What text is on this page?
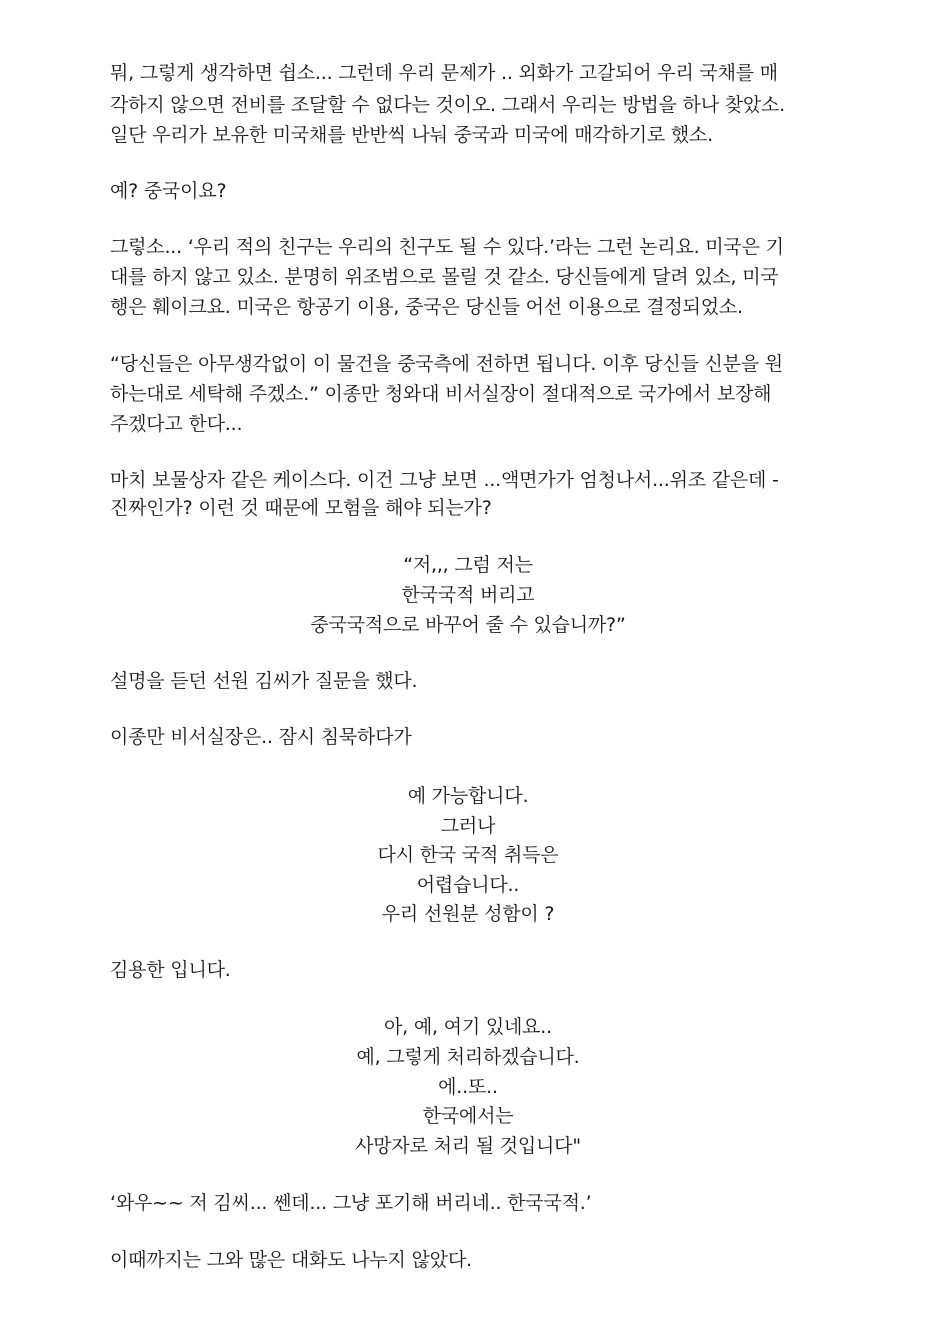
뭐, 그렇게 생각하면 쉽소... 그런데 우리 문제가 .. 외화가 고갈되어 우리 국채를 매
각하지 않으면 전비를 조달할 수 없다는 것이오. 그래서 우리는 방법을 하나 찾았소.
일단 우리가 보유한 미국채를 반반씩 나눠 중국과 미국에 매각하기로 했소.
예? 중국이요?
그렇소... ‘우리 적의 친구는 우리의 친구도 될 수 있다.’라는 그런 논리요. 미국은 기
대를 하지 않고 있소. 분명히 위조범으로 몰릴 것 같소. 당신들에게 달려 있소, 미국
행은 훼이크요. 미국은 항공기 이용, 중국은 당신들 어선 이용으로 결정되었소.
“당신들은 아무생각없이 이 물건을 중국측에 전하면 됩니다. 이후 당신들 신분을 원
하는대로 세탁해 주겠소.” 이종만 청와대 비서실장이 절대적으로 국가에서 보장해
주겠다고 한다...
마치 보물상자 같은 케이스다. 이건 그냥 보면 ...액면가가 엄청나서...위조 같은데 -
진짜인가? 이런 것 때문에 모험을 해야 되는가?
“저,,, 그럼 저는
한국국적 버리고
중국국적으로 바꾸어 줄 수 있습니까?”
설명을 듣던 선원 김씨가 질문을 했다.
이종만 비서실장은.. 잠시 침묵하다가
예 가능합니다.
그러나
다시 한국 국적 취득은
어렵습니다..
우리 선원분 성함이 ?
김용한 입니다.
아, 예, 여기 있네요..
예, 그렇게 처리하겠습니다.
에..또..
한국에서는
사망자로 처리 될 것입니다"
‘와우~~ 저 김씨... 쎈데... 그냥 포기해 버리네.. 한국국적.’
이때까지는 그와 많은 대화도 나누지 않았다.
